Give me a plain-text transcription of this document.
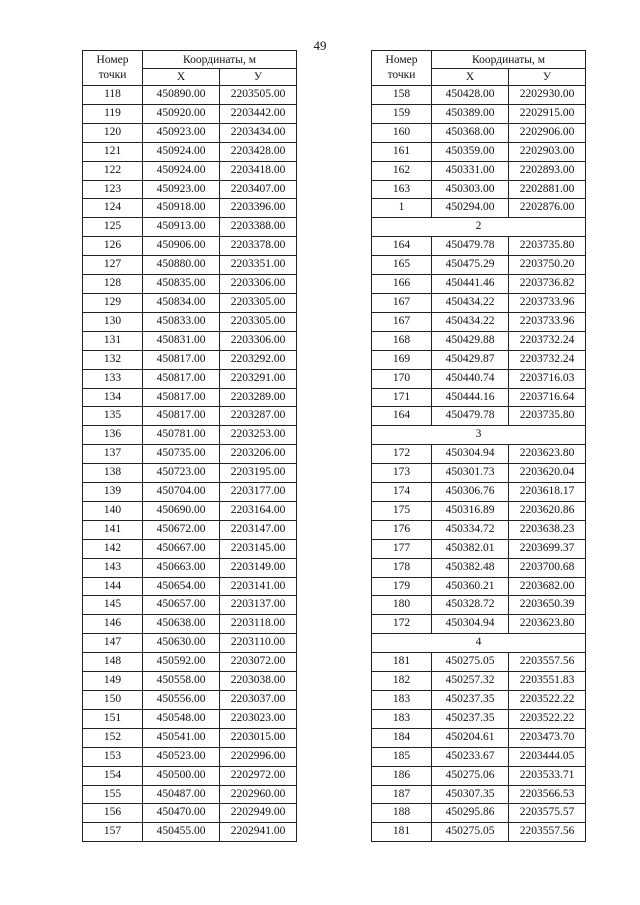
49
Номер
точки	Координаты, м	
	Х	У
118	450890.00	2203505.00
119	450920.00	2203442.00
120	450923.00	2203434.00
121	450924.00	2203428.00
122	450924.00	2203418.00
123	450923.00	2203407.00
124	450918.00	2203396.00
125	450913.00	2203388.00
126	450906.00	2203378.00
127	450880.00	2203351.00
128	450835.00	2203306.00
129	450834.00	2203305.00
130	450833.00	2203305.00
131	450831.00	2203306.00
132	450817.00	2203292.00
133	450817.00	2203291.00
134	450817.00	2203289.00
135	450817.00	2203287.00
136	450781.00	2203253.00
137	450735.00	2203206.00
138	450723.00	2203195.00
139	450704.00	2203177.00
140	450690.00	2203164.00
141	450672.00	2203147.00
142	450667.00	2203145.00
143	450663.00	2203149.00
144	450654.00	2203141.00
145	450657.00	2203137.00
146	450638.00	2203118.00
147	450630.00	2203110.00
148	450592.00	2203072.00
149	450558.00	2203038.00
150	450556.00	2203037.00
151	450548.00	2203023.00
152	450541.00	2203015.00
153	450523.00	2202996.00
154	450500.00	2202972.00
155	450487.00	2202960.00
156	450470.00	2202949.00
157	450455.00	2202941.00
Номер
точки	Координаты, м	
	Х	У
158	450428.00	2202930.00
159	450389.00	2202915.00
160	450368.00	2202906.00
161	450359.00	2202903.00
162	450331.00	2202893.00
163	450303.00	2202881.00
1	450294.00	2202876.00
2		
164	450479.78	2203735.80
165	450475.29	2203750.20
166	450441.46	2203736.82
167	450434.22	2203733.96
167	450434.22	2203733.96
168	450429.88	2203732.24
169	450429.87	2203732.24
170	450440.74	2203716.03
171	450444.16	2203716.64
164	450479.78	2203735.80
3		
172	450304.94	2203623.80
173	450301.73	2203620.04
174	450306.76	2203618.17
175	450316.89	2203620.86
176	450334.72	2203638.23
177	450382.01	2203699.37
178	450382.48	2203700.68
179	450360.21	2203682.00
180	450328.72	2203650.39
172	450304.94	2203623.80
4		
181	450275.05	2203557.56
182	450257.32	2203551.83
183	450237.35	2203522.22
183	450237.35	2203522.22
184	450204.61	2203473.70
185	450233.67	2203444.05
186	450275.06	2203533.71
187	450307.35	2203566.53
188	450295.86	2203575.57
181	450275.05	2203557.56
